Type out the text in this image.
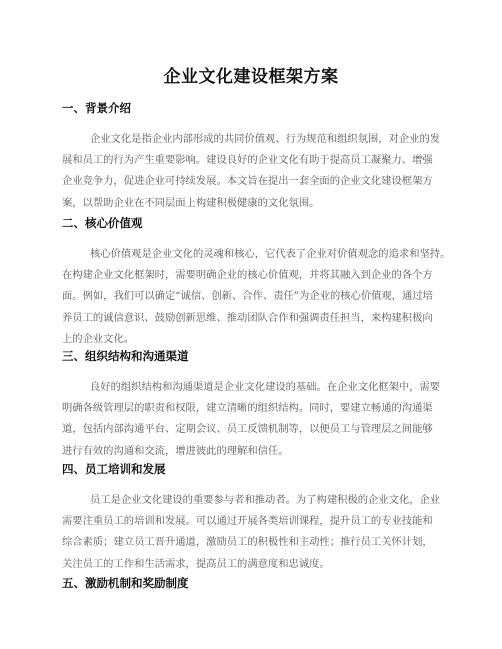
企业文化建设框架方案
一、背景介绍

企业文化是指企业内部形成的共同价值观、行为规范和组织氛围，对企业的发
展和员工的行为产生重要影响。建设良好的企业文化有助于提高员工凝聚力、增强
企业竞争力，促进企业可持续发展。本文旨在提出一套全面的企业文化建设框架方
案，以帮助企业在不同层面上构建积极健康的文化氛围。

二、核心价值观

核心价值观是企业文化的灵魂和核心，它代表了企业对价值观念的追求和坚持。
在构建企业文化框架时，需要明确企业的核心价值观，并将其融入到企业的各个方
面。例如，我们可以确定“诚信、创新、合作、责任”为企业的核心价值观，通过培
养员工的诚信意识、鼓励创新思维、推动团队合作和强调责任担当，来构建积极向
上的企业文化。

三、组织结构和沟通渠道

良好的组织结构和沟通渠道是企业文化建设的基础。在企业文化框架中，需要
明确各级管理层的职责和权限，建立清晰的组织结构。同时，要建立畅通的沟通渠
道，包括内部沟通平台、定期会议、员工反馈机制等，以便员工与管理层之间能够
进行有效的沟通和交流，增进彼此的理解和信任。

四、员工培训和发展

员工是企业文化建设的重要参与者和推动者。为了构建积极的企业文化，企业
需要注重员工的培训和发展。可以通过开展各类培训课程，提升员工的专业技能和
综合素质；建立员工晋升通道，激励员工的积极性和主动性；推行员工关怀计划，
关注员工的工作和生活需求，提高员工的满意度和忠诚度。

五、激励机制和奖励制度
